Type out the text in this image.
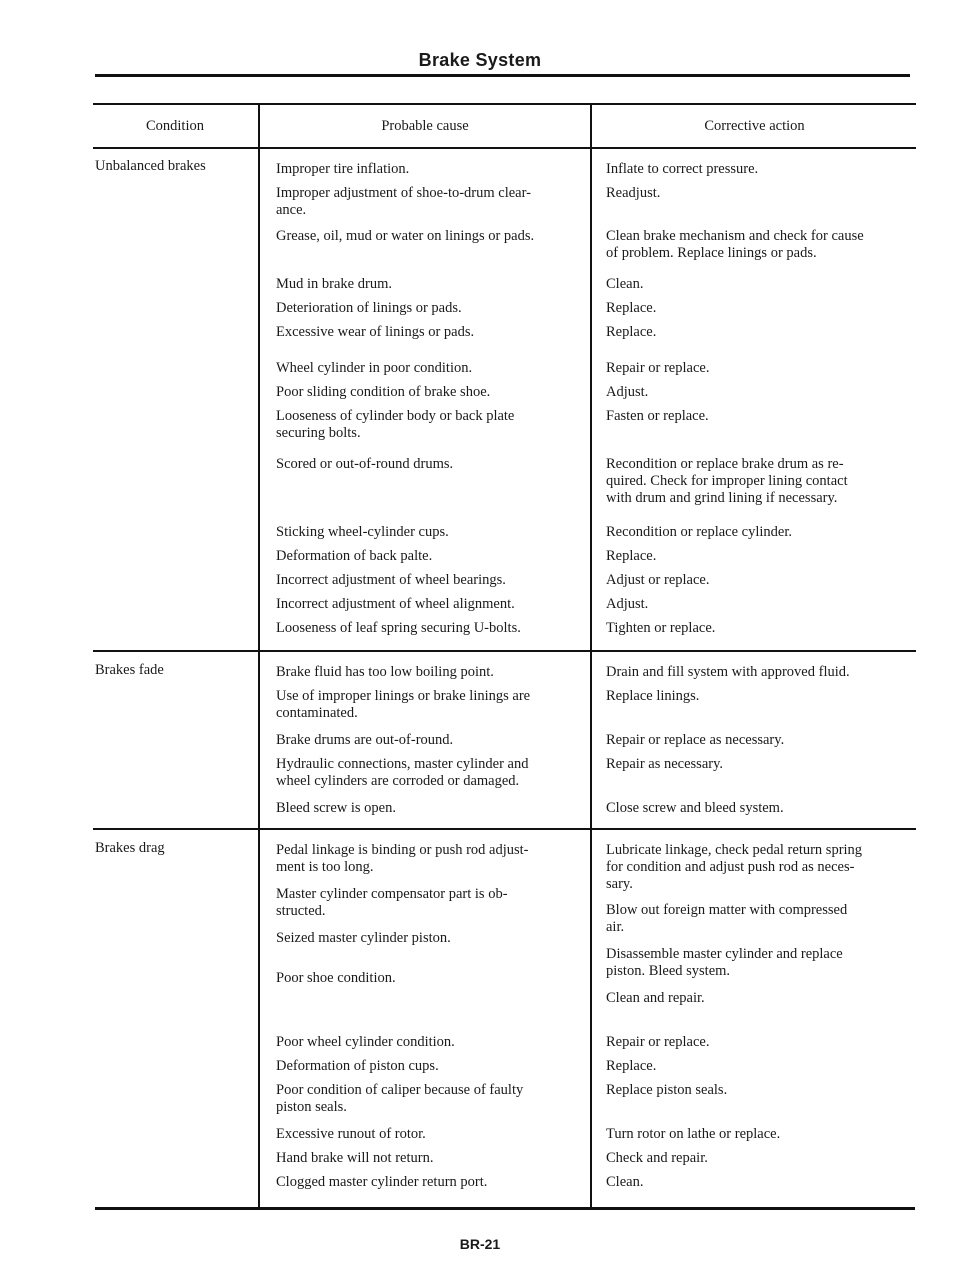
Brake System
Condition	Probable cause	Corrective action
Unbalanced brakes
Brakes fade
Brakes drag
Improper tire inflation.
Improper adjustment of shoe-to-drum clear-
ance.
Grease, oil, mud or water on linings or pads.
Mud in brake drum.
Deterioration of linings or pads.
Excessive wear of linings or pads.
Wheel cylinder in poor condition.
Poor sliding condition of brake shoe.
Looseness of cylinder body or back plate
securing bolts.
Scored or out-of-round drums.
Sticking wheel-cylinder cups.
Deformation of back palte.
Incorrect adjustment of wheel bearings.
Incorrect adjustment of wheel alignment.
Looseness of leaf spring securing U-bolts.
Brake fluid has too low boiling point.
Use of improper linings or brake linings are
contaminated.
Brake drums are out-of-round.
Hydraulic connections, master cylinder and
wheel cylinders are corroded or damaged.
Bleed screw is open.
Pedal linkage is binding or push rod adjust-
ment is too long.
Master cylinder compensator part is ob-
structed.
Seized master cylinder piston.
Poor shoe condition.
Poor wheel cylinder condition.
Deformation of piston cups.
Poor condition of caliper because of faulty
piston seals.
Excessive runout of rotor.
Hand brake will not return.
Clogged master cylinder return port.
Inflate to correct pressure.
Readjust.
Clean brake mechanism and check for cause
of problem. Replace linings or pads.
Clean.
Replace.
Replace.
Repair or replace.
Adjust.
Fasten or replace.
Recondition or replace brake drum as re-
quired. Check for improper lining contact
with drum and grind lining if necessary.
Recondition or replace cylinder.
Replace.
Adjust or replace.
Adjust.
Tighten or replace.
Drain and fill system with approved fluid.
Replace linings.
Repair or replace as necessary.
Repair as necessary.
Close screw and bleed system.
Lubricate linkage, check pedal return spring
for condition and adjust push rod as neces-
sary.
Blow out foreign matter with compressed
air.
Disassemble master cylinder and replace
piston. Bleed system.
Clean and repair.
Repair or replace.
Replace.
Replace piston seals.
Turn rotor on lathe or replace.
Check and repair.
Clean.
BR-21
